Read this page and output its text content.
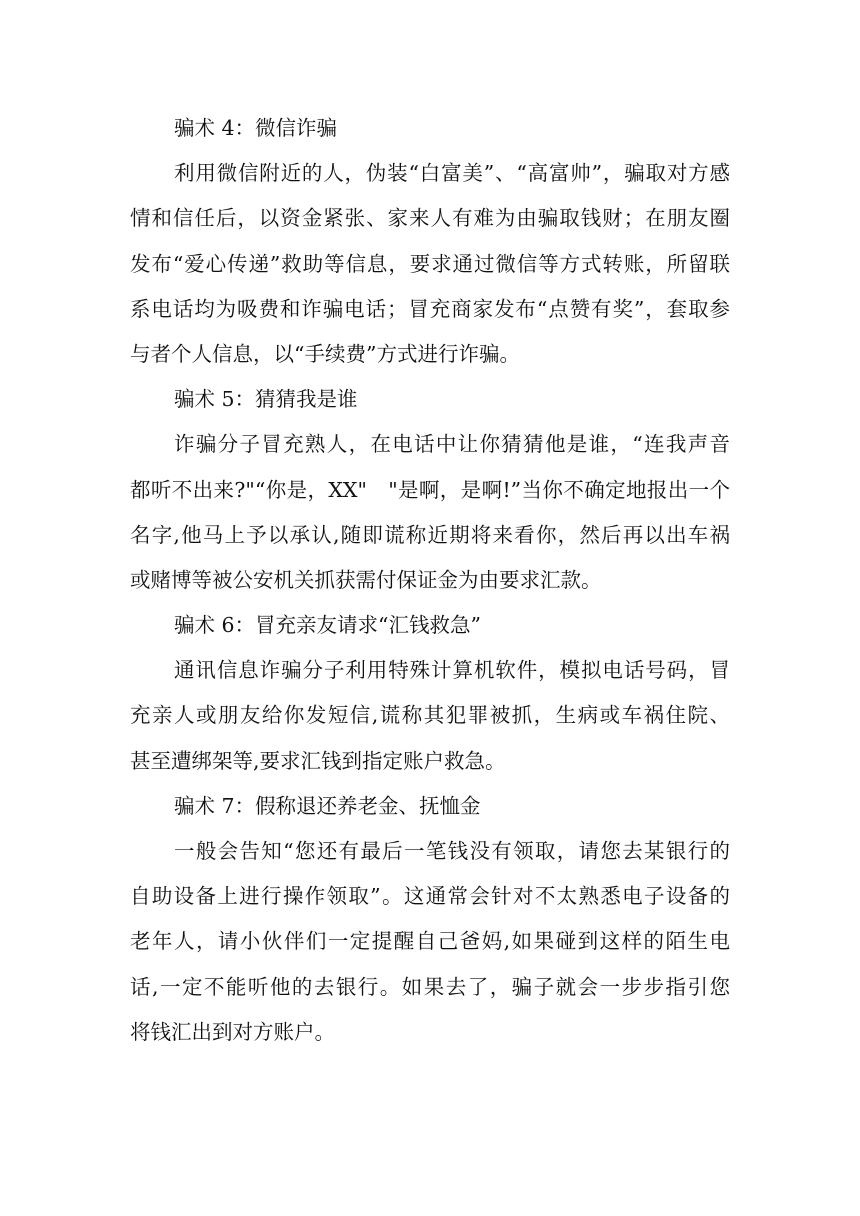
骗术 4：微信诈骗
利用微信附近的人，伪装“白富美”、“高富帅”，骗取对方感
情和信任后，以资金紧张、家来人有难为由骗取钱财；在朋友圈
发布“爱心传递”救助等信息，要求通过微信等方式转账，所留联
系电话均为吸费和诈骗电话；冒充商家发布“点赞有奖”，套取参
与者个人信息，以“手续费”方式进行诈骗。
骗术 5：猜猜我是谁
诈骗分子冒充熟人，在电话中让你猜猜他是谁，“连我声音
都听不出来?"“你是，XX"　"是啊，是啊!”当你不确定地报出一个
名字,他马上予以承认,随即谎称近期将来看你，然后再以出车祸
或赌博等被公安机关抓获需付保证金为由要求汇款。
骗术 6：冒充亲友请求“汇钱救急”
通讯信息诈骗分子利用特殊计算机软件，模拟电话号码，冒
充亲人或朋友给你发短信,谎称其犯罪被抓，生病或车祸住院、
甚至遭绑架等,要求汇钱到指定账户救急。
骗术 7：假称退还养老金、抚恤金
一般会告知“您还有最后一笔钱没有领取，请您去某银行的
自助设备上进行操作领取”。这通常会针对不太熟悉电子设备的
老年人，请小伙伴们一定提醒自己爸妈,如果碰到这样的陌生电
话,一定不能听他的去银行。如果去了，骗子就会一步步指引您
将钱汇出到对方账户。
